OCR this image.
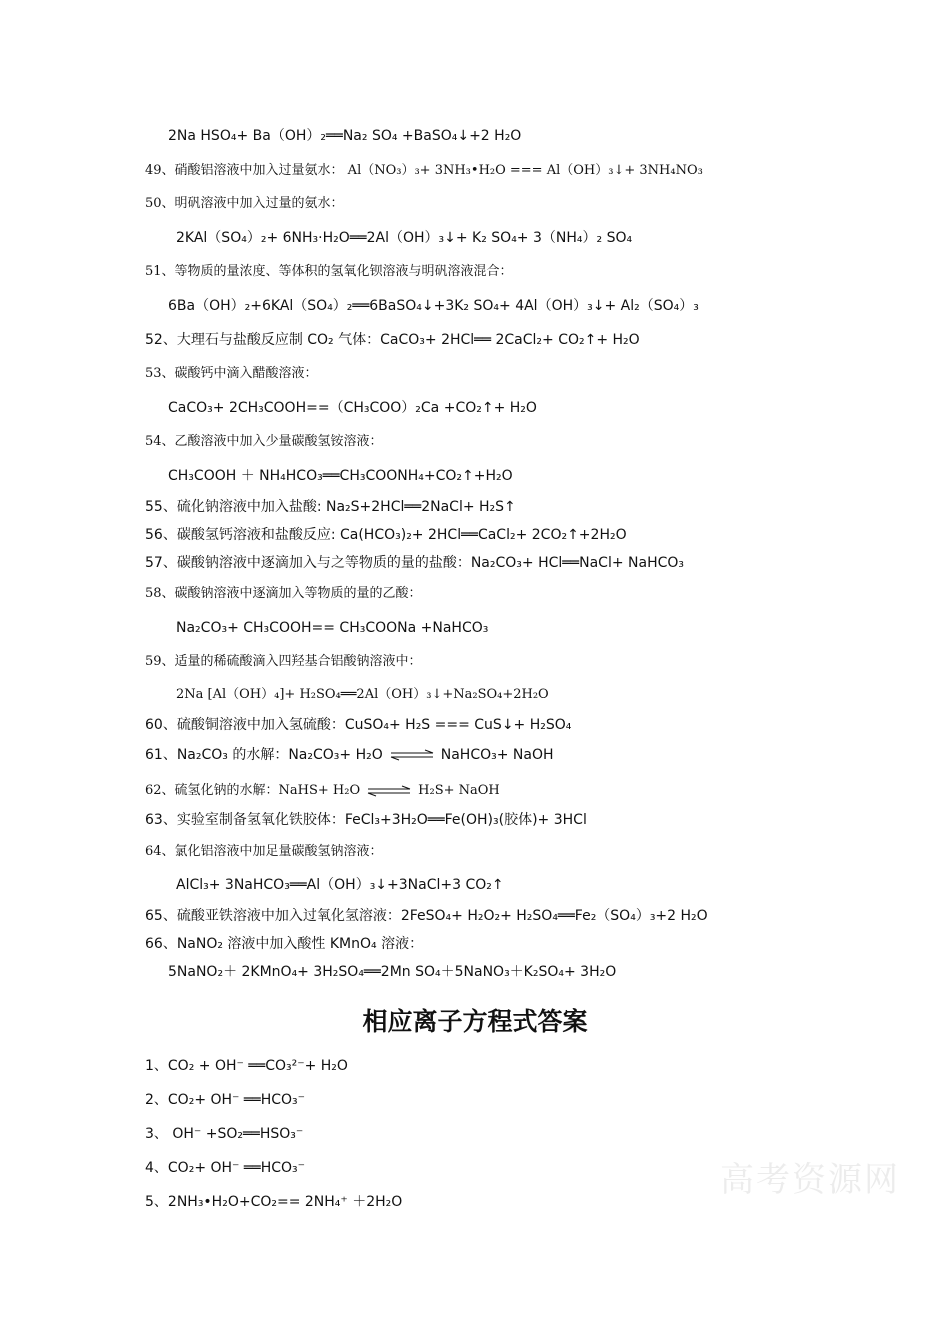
2Na HSO₄+ Ba（OH）₂══Na₂ SO₄ +BaSO₄↓+2 H₂O
49、硝酸铝溶液中加入过量氨水： Al（NO₃）₃+ 3NH₃•H₂O === Al（OH）₃↓+ 3NH₄NO₃
50、明矾溶液中加入过量的氨水：
2KAl（SO₄）₂+ 6NH₃·H₂O══2Al（OH）₃↓+ K₂ SO₄+ 3（NH₄）₂ SO₄
51、等物质的量浓度、等体积的氢氧化钡溶液与明矾溶液混合：
6Ba（OH）₂+6KAl（SO₄）₂══6BaSO₄↓+3K₂ SO₄+ 4Al（OH）₃↓+ Al₂（SO₄）₃
52、大理石与盐酸反应制 CO₂ 气体：CaCO₃+ 2HCl══ 2CaCl₂+ CO₂↑+ H₂O
53、碳酸钙中滴入醋酸溶液：
CaCO₃+ 2CH₃COOH==（CH₃COO）₂Ca +CO₂↑+ H₂O
54、乙酸溶液中加入少量碳酸氢铵溶液：
CH₃COOH ＋ NH₄HCO₃══CH₃COONH₄+CO₂↑+H₂O
55、硫化钠溶液中加入盐酸: Na₂S+2HCl══2NaCl+ H₂S↑
56、碳酸氢钙溶液和盐酸反应: Ca(HCO₃)₂+ 2HCl══CaCl₂+ 2CO₂↑+2H₂O
57、碳酸钠溶液中逐滴加入与之等物质的量的盐酸：Na₂CO₃+ HCl══NaCl+ NaHCO₃
58、碳酸钠溶液中逐滴加入等物质的量的乙酸：
Na₂CO₃+ CH₃COOH== CH₃COONa +NaHCO₃
59、适量的稀硫酸滴入四羟基合铝酸钠溶液中：
2Na [Al（OH）₄]+ H₂SO₄══2Al（OH）₃↓+Na₂SO₄+2H₂O
60、硫酸铜溶液中加入氢硫酸：CuSO₄+ H₂S === CuS↓+ H₂SO₄
61、Na₂CO₃ 的水解：Na₂CO₃+ H₂O ⇌ NaHCO₃+ NaOH
62、硫氢化钠的水解：NaHS+ H₂O ⇌ H₂S+ NaOH
63、实验室制备氢氧化铁胶体：FeCl₃+3H₂O══Fe(OH)₃(胶体)+ 3HCl
64、氯化铝溶液中加足量碳酸氢钠溶液：
AlCl₃+ 3NaHCO₃══Al（OH）₃↓+3NaCl+3 CO₂↑
65、硫酸亚铁溶液中加入过氧化氢溶液：2FeSO₄+ H₂O₂+ H₂SO₄══Fe₂（SO₄）₃+2 H₂O
66、NaNO₂ 溶液中加入酸性 KMnO₄ 溶液：
5NaNO₂＋ 2KMnO₄+ 3H₂SO₄══2Mn SO₄＋5NaNO₃＋K₂SO₄+ 3H₂O
相应离子方程式答案
1、CO₂ + OH⁻ ══CO₃²⁻+ H₂O
2、CO₂+ OH⁻ ══HCO₃⁻
3、 OH⁻ +SO₂══HSO₃⁻
4、CO₂+ OH⁻ ══HCO₃⁻
5、2NH₃•H₂O+CO₂== 2NH₄⁺ ＋2H₂O
高考资源网
